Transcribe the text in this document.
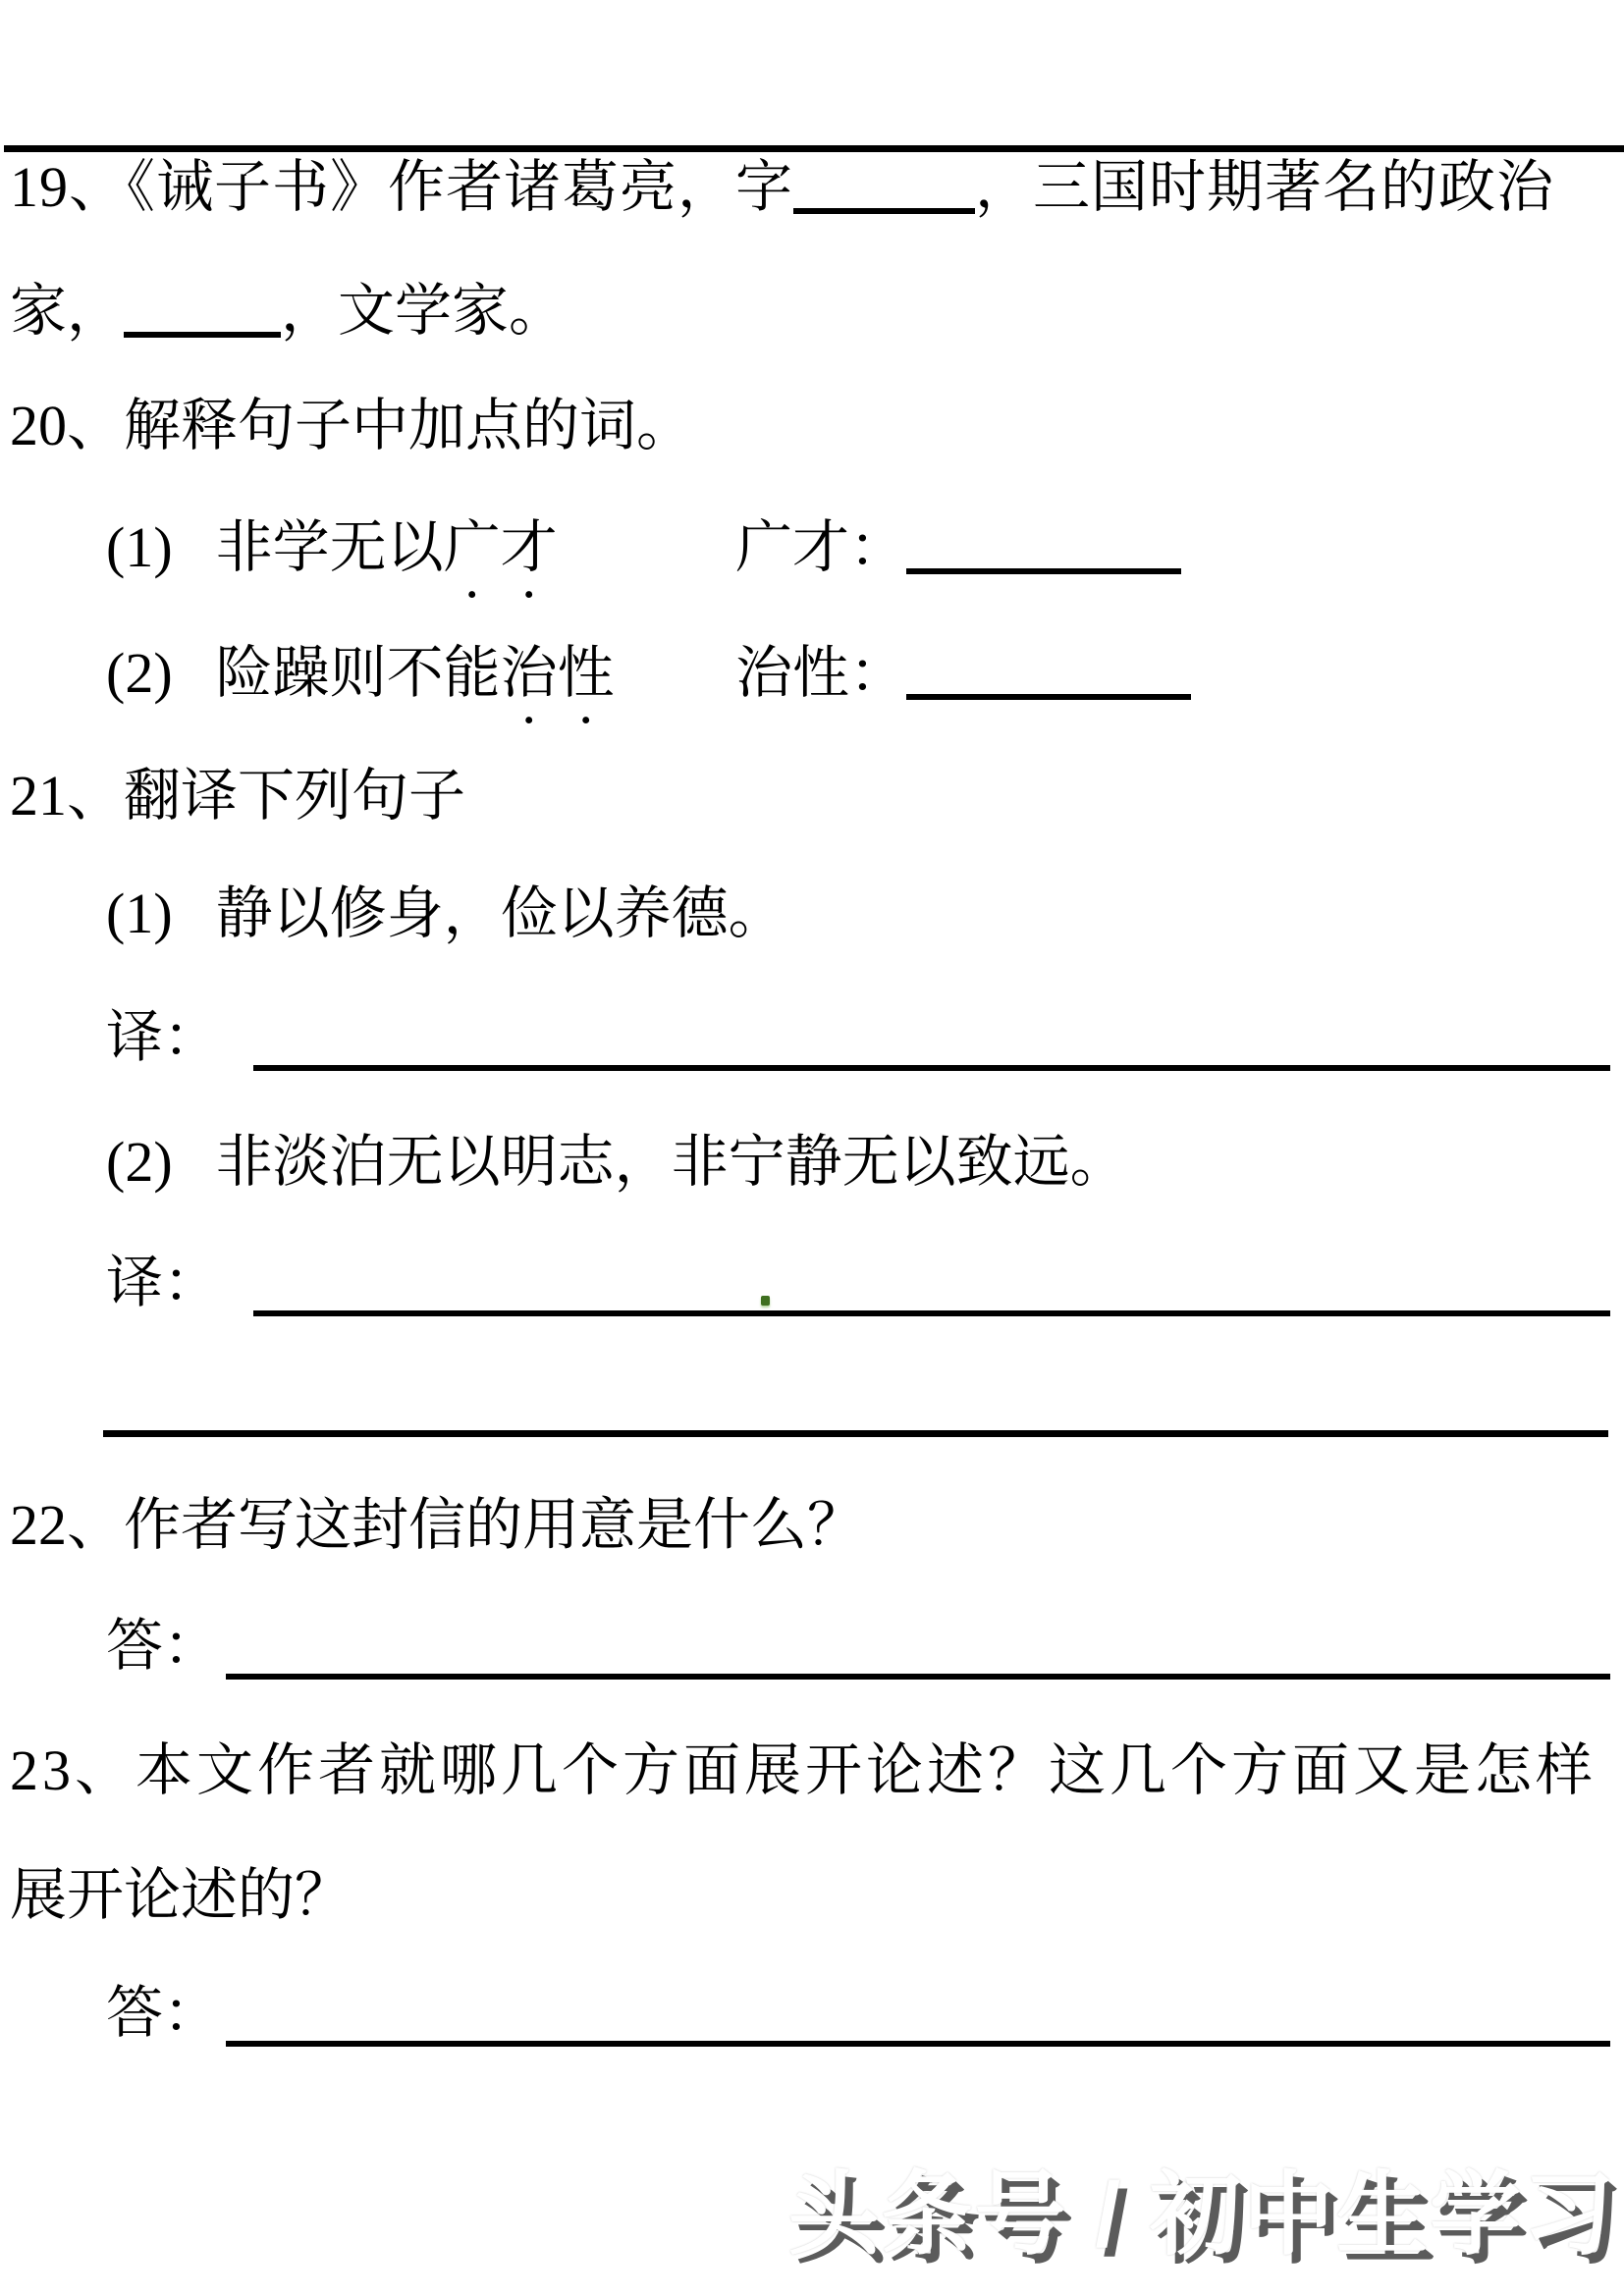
19、《诫子书》作者诸葛亮，字	，三国时期著名的政治
家，	，文学家。
20、解释句子中加点的词。
(1) 非学无以广才	广才：
(2) 险躁则不能治性 治性：
21、翻译下列句子
(1) 静以修身，俭以养德。
译：
(2) 非淡泊无以明志，非宁静无以致远。
译：
22、作者写这封信的用意是什么？
答：
23、本文作者就哪几个方面展开论述？这几个方面又是怎样
展开论述的？
答：
头条号 / 初中生学习
